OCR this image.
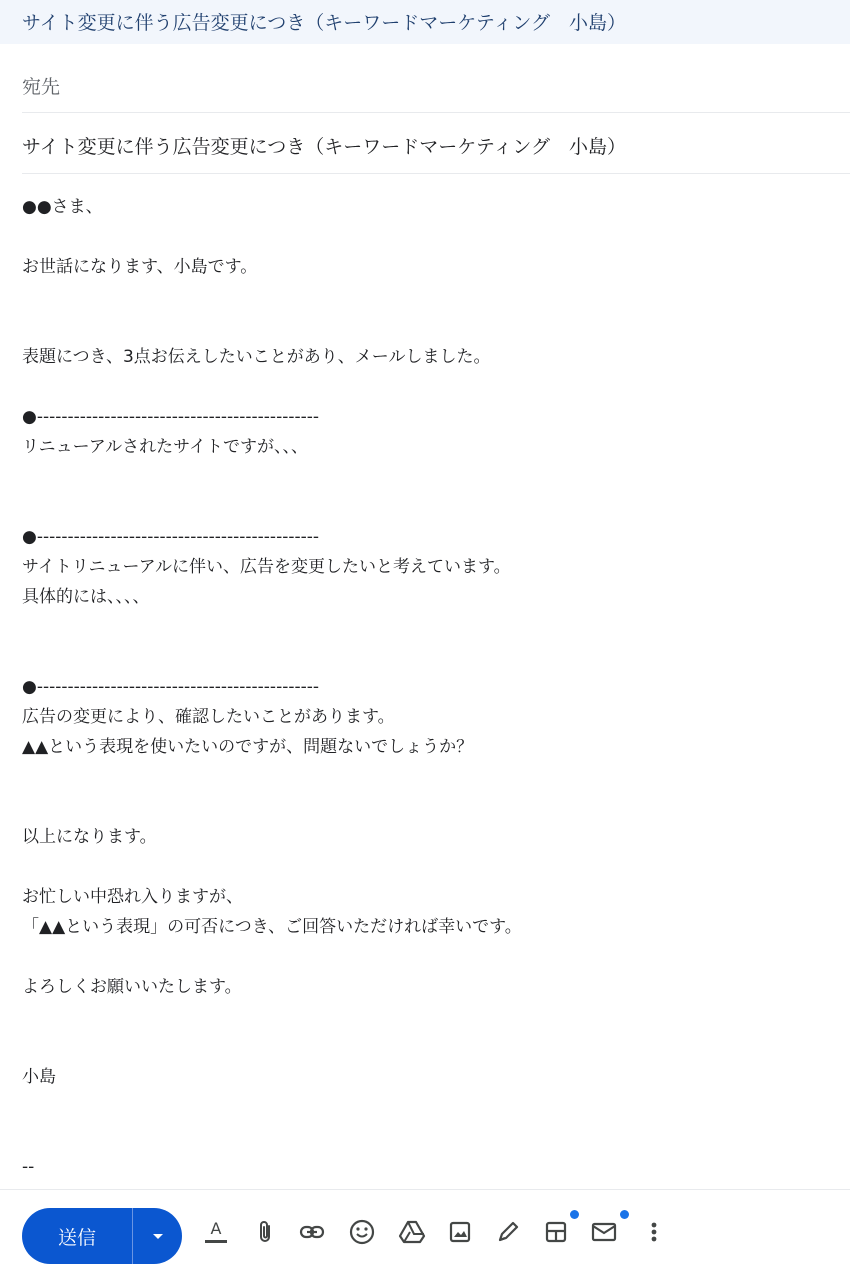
サイト変更に伴う広告変更につき（キーワードマーケティング　小島）
宛先
サイト変更に伴う広告変更につき（キーワードマーケティング　小島）
●●さま、
お世話になります、小島です。
表題につき、3点お伝えしたいことがあり、メールしました。
●----------------------------------------------
リニューアルされたサイトですが、、、
●----------------------------------------------
サイトリニューアルに伴い、広告を変更したいと考えています。
具体的には、、、、
●----------------------------------------------
広告の変更により、確認したいことがあります。
▲▲という表現を使いたいのですが、問題ないでしょうか？
以上になります。
お忙しい中恐れ入りますが、
「▲▲という表現」の可否につき、ご回答いただければ幸いです。
よろしくお願いいたします。
小島
--
送信	A
